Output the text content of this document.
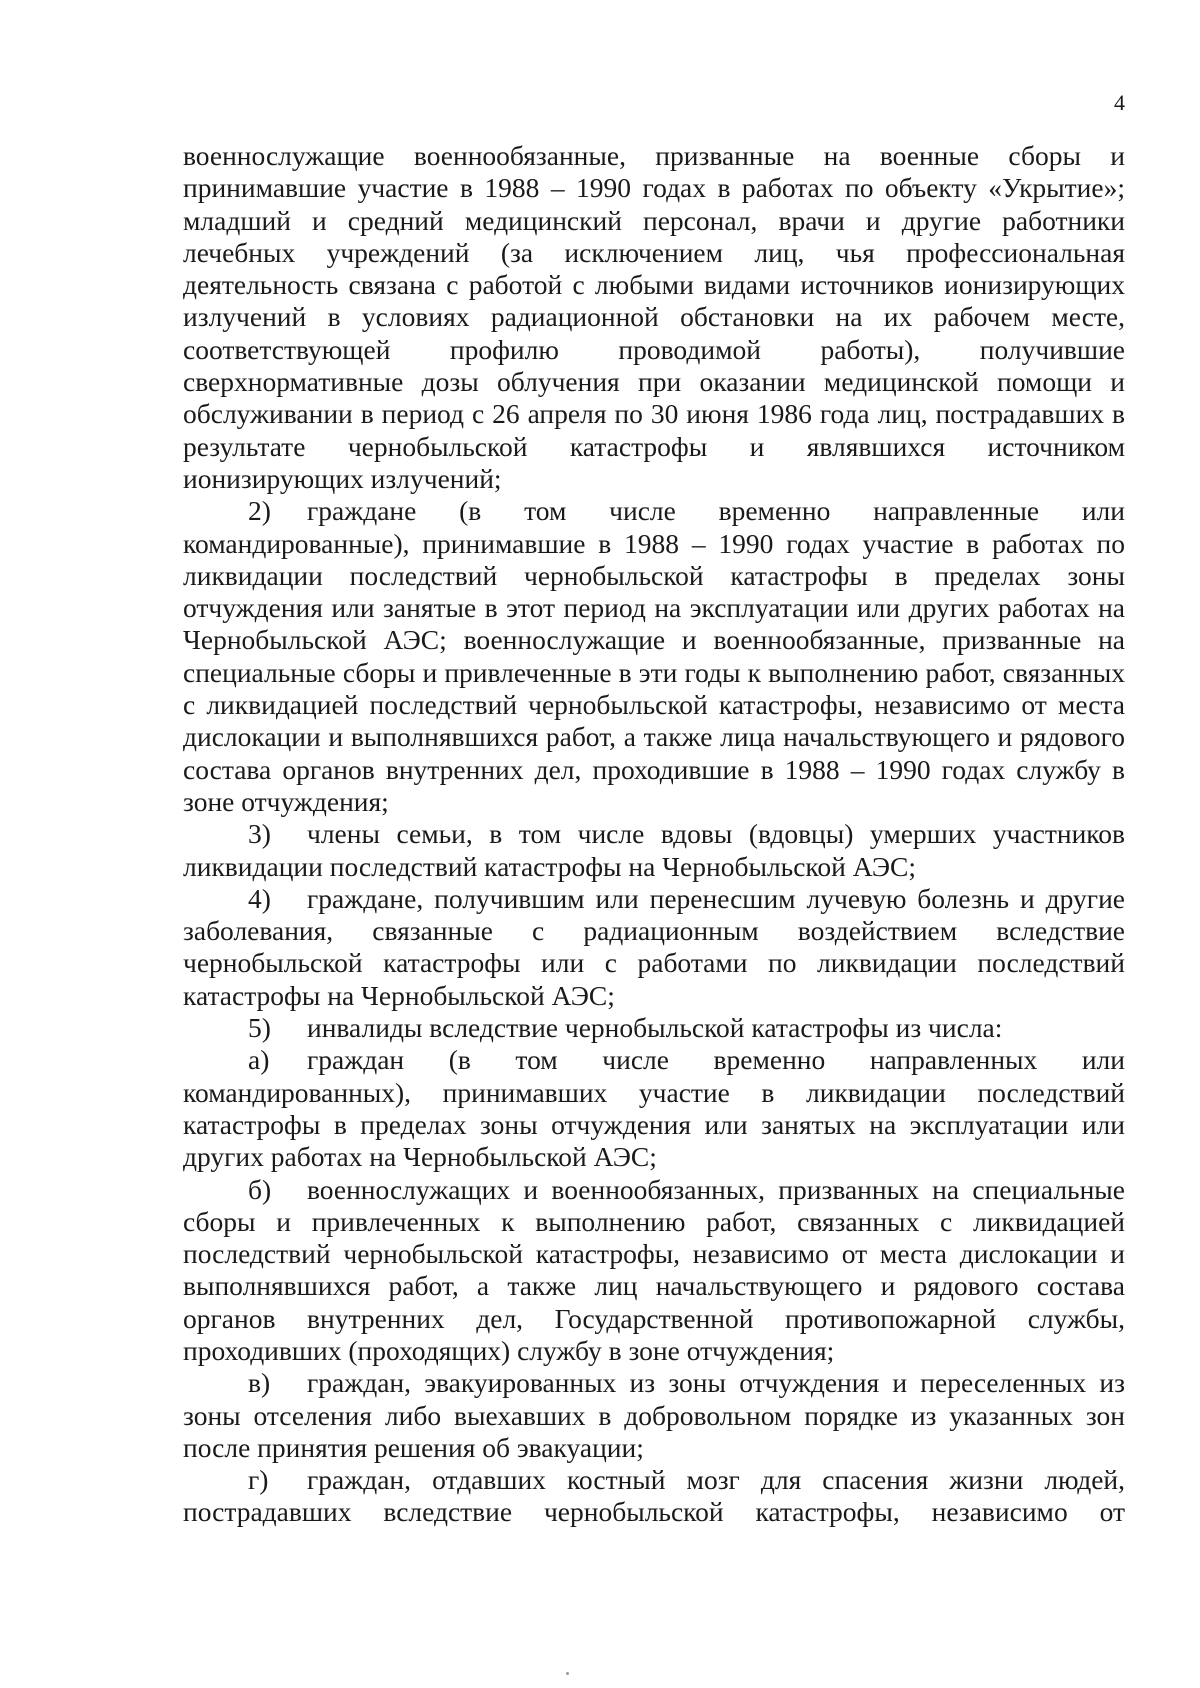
4

военнослужащие военнообязанные, призванные на военные сборы и принимавшие участие в 1988 – 1990 годах в работах по объекту «Укрытие»; младший и средний медицинский персонал, врачи и другие работники лечебных учреждений (за исключением лиц, чья профессиональная деятельность связана с работой с любыми видами источников ионизирующих излучений в условиях радиационной обстановки на их рабочем месте, соответствующей профилю проводимой работы), получившие сверхнормативные дозы облучения при оказании медицинской помощи и обслуживании в период с 26 апреля по 30 июня 1986 года лиц, пострадавших в результате чернобыльской катастрофы и являвшихся источником ионизирующих излучений;

2) граждане (в том числе временно направленные или командированные), принимавшие в 1988 – 1990 годах участие в работах по ликвидации последствий чернобыльской катастрофы в пределах зоны отчуждения или занятые в этот период на эксплуатации или других работах на Чернобыльской АЭС; военнослужащие и военнообязанные, призванные на специальные сборы и привлеченные в эти годы к выполнению работ, связанных с ликвидацией последствий чернобыльской катастрофы, независимо от места дислокации и выполнявшихся работ, а также лица начальствующего и рядового состава органов внутренних дел, проходившие в 1988 – 1990 годах службу в зоне отчуждения;

3) члены семьи, в том числе вдовы (вдовцы) умерших участников ликвидации последствий катастрофы на Чернобыльской АЭС;

4) граждане, получившим или перенесшим лучевую болезнь и другие заболевания, связанные с радиационным воздействием вследствие чернобыльской катастрофы или с работами по ликвидации последствий катастрофы на Чернобыльской АЭС;

5) инвалиды вследствие чернобыльской катастрофы из числа:

а) граждан (в том числе временно направленных или командированных), принимавших участие в ликвидации последствий катастрофы в пределах зоны отчуждения или занятых на эксплуатации или других работах на Чернобыльской АЭС;

б) военнослужащих и военнообязанных, призванных на специальные сборы и привлеченных к выполнению работ, связанных с ликвидацией последствий чернобыльской катастрофы, независимо от места дислокации и выполнявшихся работ, а также лиц начальствующего и рядового состава органов внутренних дел, Государственной противопожарной службы, проходивших (проходящих) службу в зоне отчуждения;

в) граждан, эвакуированных из зоны отчуждения и переселенных из зоны отселения либо выехавших в добровольном порядке из указанных зон после принятия решения об эвакуации;

г) граждан, отдавших костный мозг для спасения жизни людей, пострадавших вследствие чернобыльской катастрофы, независимо от
